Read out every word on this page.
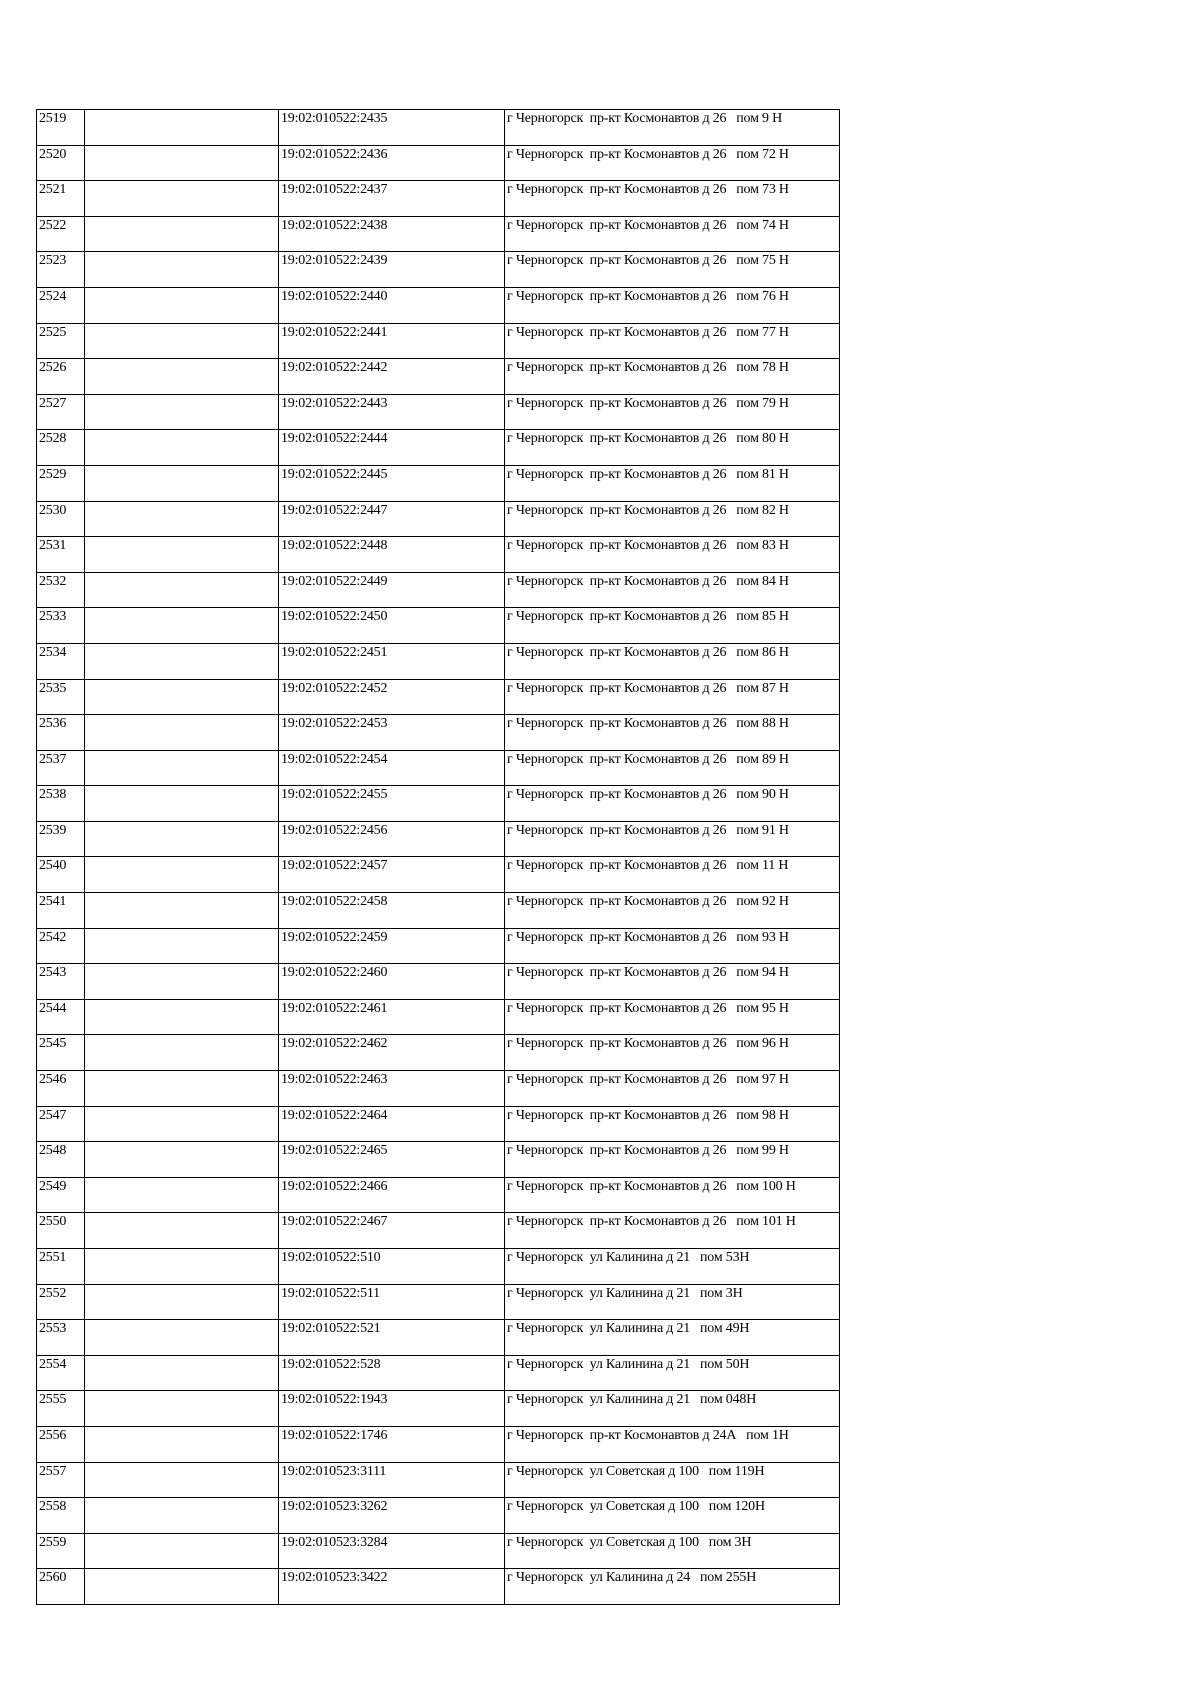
2519		19:02:010522:2435	г Черногорск  пр-кт Космонавтов д 26   пом 9 Н
2520		19:02:010522:2436	г Черногорск  пр-кт Космонавтов д 26   пом 72 Н
2521		19:02:010522:2437	г Черногорск  пр-кт Космонавтов д 26   пом 73 Н
2522		19:02:010522:2438	г Черногорск  пр-кт Космонавтов д 26   пом 74 Н
2523		19:02:010522:2439	г Черногорск  пр-кт Космонавтов д 26   пом 75 Н
2524		19:02:010522:2440	г Черногорск  пр-кт Космонавтов д 26   пом 76 Н
2525		19:02:010522:2441	г Черногорск  пр-кт Космонавтов д 26   пом 77 Н
2526		19:02:010522:2442	г Черногорск  пр-кт Космонавтов д 26   пом 78 Н
2527		19:02:010522:2443	г Черногорск  пр-кт Космонавтов д 26   пом 79 Н
2528		19:02:010522:2444	г Черногорск  пр-кт Космонавтов д 26   пом 80 Н
2529		19:02:010522:2445	г Черногорск  пр-кт Космонавтов д 26   пом 81 Н
2530		19:02:010522:2447	г Черногорск  пр-кт Космонавтов д 26   пом 82 Н
2531		19:02:010522:2448	г Черногорск  пр-кт Космонавтов д 26   пом 83 Н
2532		19:02:010522:2449	г Черногорск  пр-кт Космонавтов д 26   пом 84 Н
2533		19:02:010522:2450	г Черногорск  пр-кт Космонавтов д 26   пом 85 Н
2534		19:02:010522:2451	г Черногорск  пр-кт Космонавтов д 26   пом 86 Н
2535		19:02:010522:2452	г Черногорск  пр-кт Космонавтов д 26   пом 87 Н
2536		19:02:010522:2453	г Черногорск  пр-кт Космонавтов д 26   пом 88 Н
2537		19:02:010522:2454	г Черногорск  пр-кт Космонавтов д 26   пом 89 Н
2538		19:02:010522:2455	г Черногорск  пр-кт Космонавтов д 26   пом 90 Н
2539		19:02:010522:2456	г Черногорск  пр-кт Космонавтов д 26   пом 91 Н
2540		19:02:010522:2457	г Черногорск  пр-кт Космонавтов д 26   пом 11 Н
2541		19:02:010522:2458	г Черногорск  пр-кт Космонавтов д 26   пом 92 Н
2542		19:02:010522:2459	г Черногорск  пр-кт Космонавтов д 26   пом 93 Н
2543		19:02:010522:2460	г Черногорск  пр-кт Космонавтов д 26   пом 94 Н
2544		19:02:010522:2461	г Черногорск  пр-кт Космонавтов д 26   пом 95 Н
2545		19:02:010522:2462	г Черногорск  пр-кт Космонавтов д 26   пом 96 Н
2546		19:02:010522:2463	г Черногорск  пр-кт Космонавтов д 26   пом 97 Н
2547		19:02:010522:2464	г Черногорск  пр-кт Космонавтов д 26   пом 98 Н
2548		19:02:010522:2465	г Черногорск  пр-кт Космонавтов д 26   пом 99 Н
2549		19:02:010522:2466	г Черногорск  пр-кт Космонавтов д 26   пом 100 Н
2550		19:02:010522:2467	г Черногорск  пр-кт Космонавтов д 26   пом 101 Н
2551		19:02:010522:510	г Черногорск  ул Калинина д 21   пом 53Н
2552		19:02:010522:511	г Черногорск  ул Калинина д 21   пом 3Н
2553		19:02:010522:521	г Черногорск  ул Калинина д 21   пом 49Н
2554		19:02:010522:528	г Черногорск  ул Калинина д 21   пом 50Н
2555		19:02:010522:1943	г Черногорск  ул Калинина д 21   пом 048Н
2556		19:02:010522:1746	г Черногорск  пр-кт Космонавтов д 24А   пом 1Н
2557		19:02:010523:3111	г Черногорск  ул Советская д 100   пом 119Н
2558		19:02:010523:3262	г Черногорск  ул Советская д 100   пом 120Н
2559		19:02:010523:3284	г Черногорск  ул Советская д 100   пом 3Н
2560		19:02:010523:3422	г Черногорск  ул Калинина д 24   пом 255Н
